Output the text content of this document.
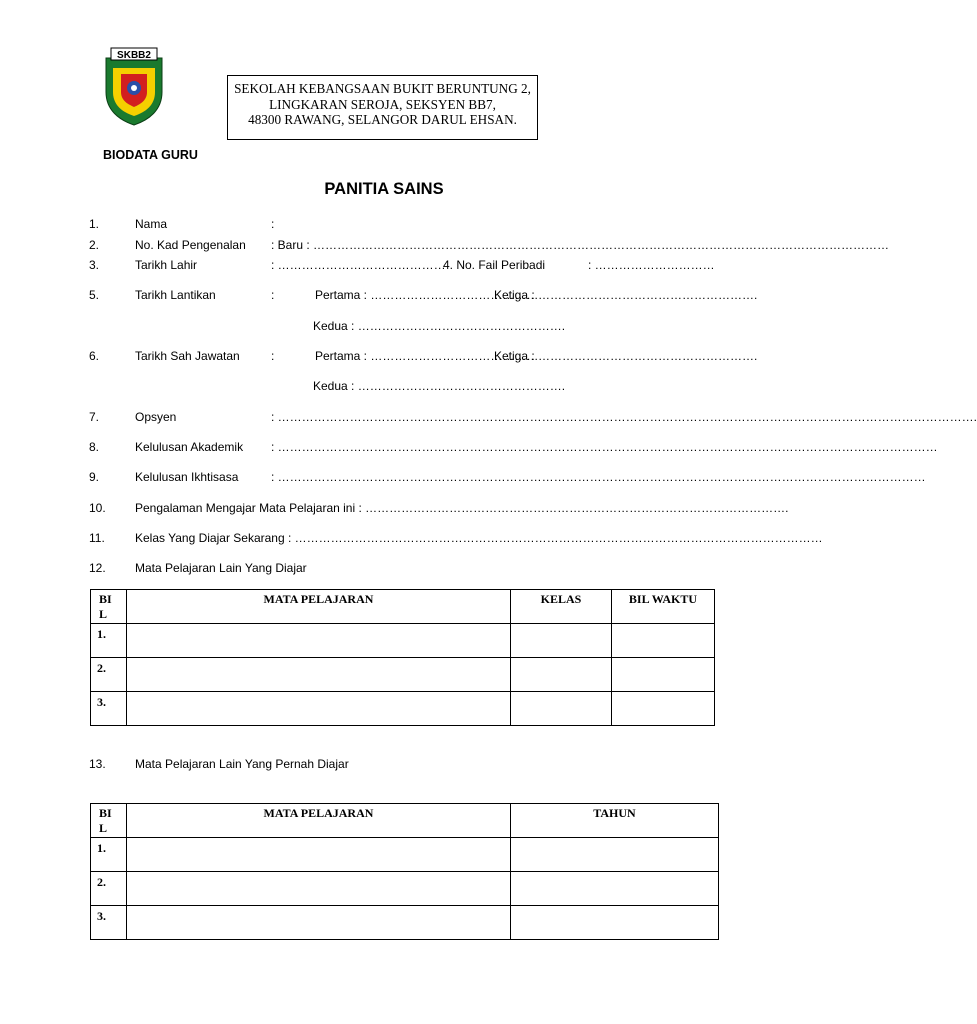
SKBB2
SEKOLAH KEBANGSAAN BUKIT BERUNTUNG 2,
LINGKARAN SEROJA, SEKSYEN BB7,
48300 RAWANG, SELANGOR DARUL EHSAN.
BIODATA GURU
PANITIA SAINS
1.	Nama	:
2.	No. Kad Pengenalan : Baru : ………………………………………………………………………………………………………………………………
3.	Tarikh Lahir	: ……………………………………
4. No. Fail Peribadi	: …………………………
5.	Tarikh Lantikan	:	Pertama : ……………………………………
Ketiga : ……………………………………………….
Kedua : …………………………………………….
6.	Tarikh Sah Jawatan	:	Pertama : ……………………………………
Ketiga : ……………………………………………….
Kedua : …………………………………………….
7.	Opsyen	: ………………………………………………………………………………………………………………………………………………………….
8.	Kelulusan Akademik : …………………………………………………………………………………………………………………………………………………
9.	Kelulusan Ikhtisasa	: ………………………………………………………………………………………………………………………………………………
10. Pengalaman Mengajar Mata Pelajaran ini : …………………………………………………………………………………………….
11.	Kelas Yang Diajar Sekarang : ……………………………………………………………………………………………………………………
12. Mata Pelajaran Lain Yang Diajar
BI
L	MATA PELAJARAN	KELAS	BIL WAKTU
1.			
2.			
3.			
13. Mata Pelajaran Lain Yang Pernah Diajar
BI
L	MATA PELAJARAN	TAHUN
1.		
2.		
3.		
